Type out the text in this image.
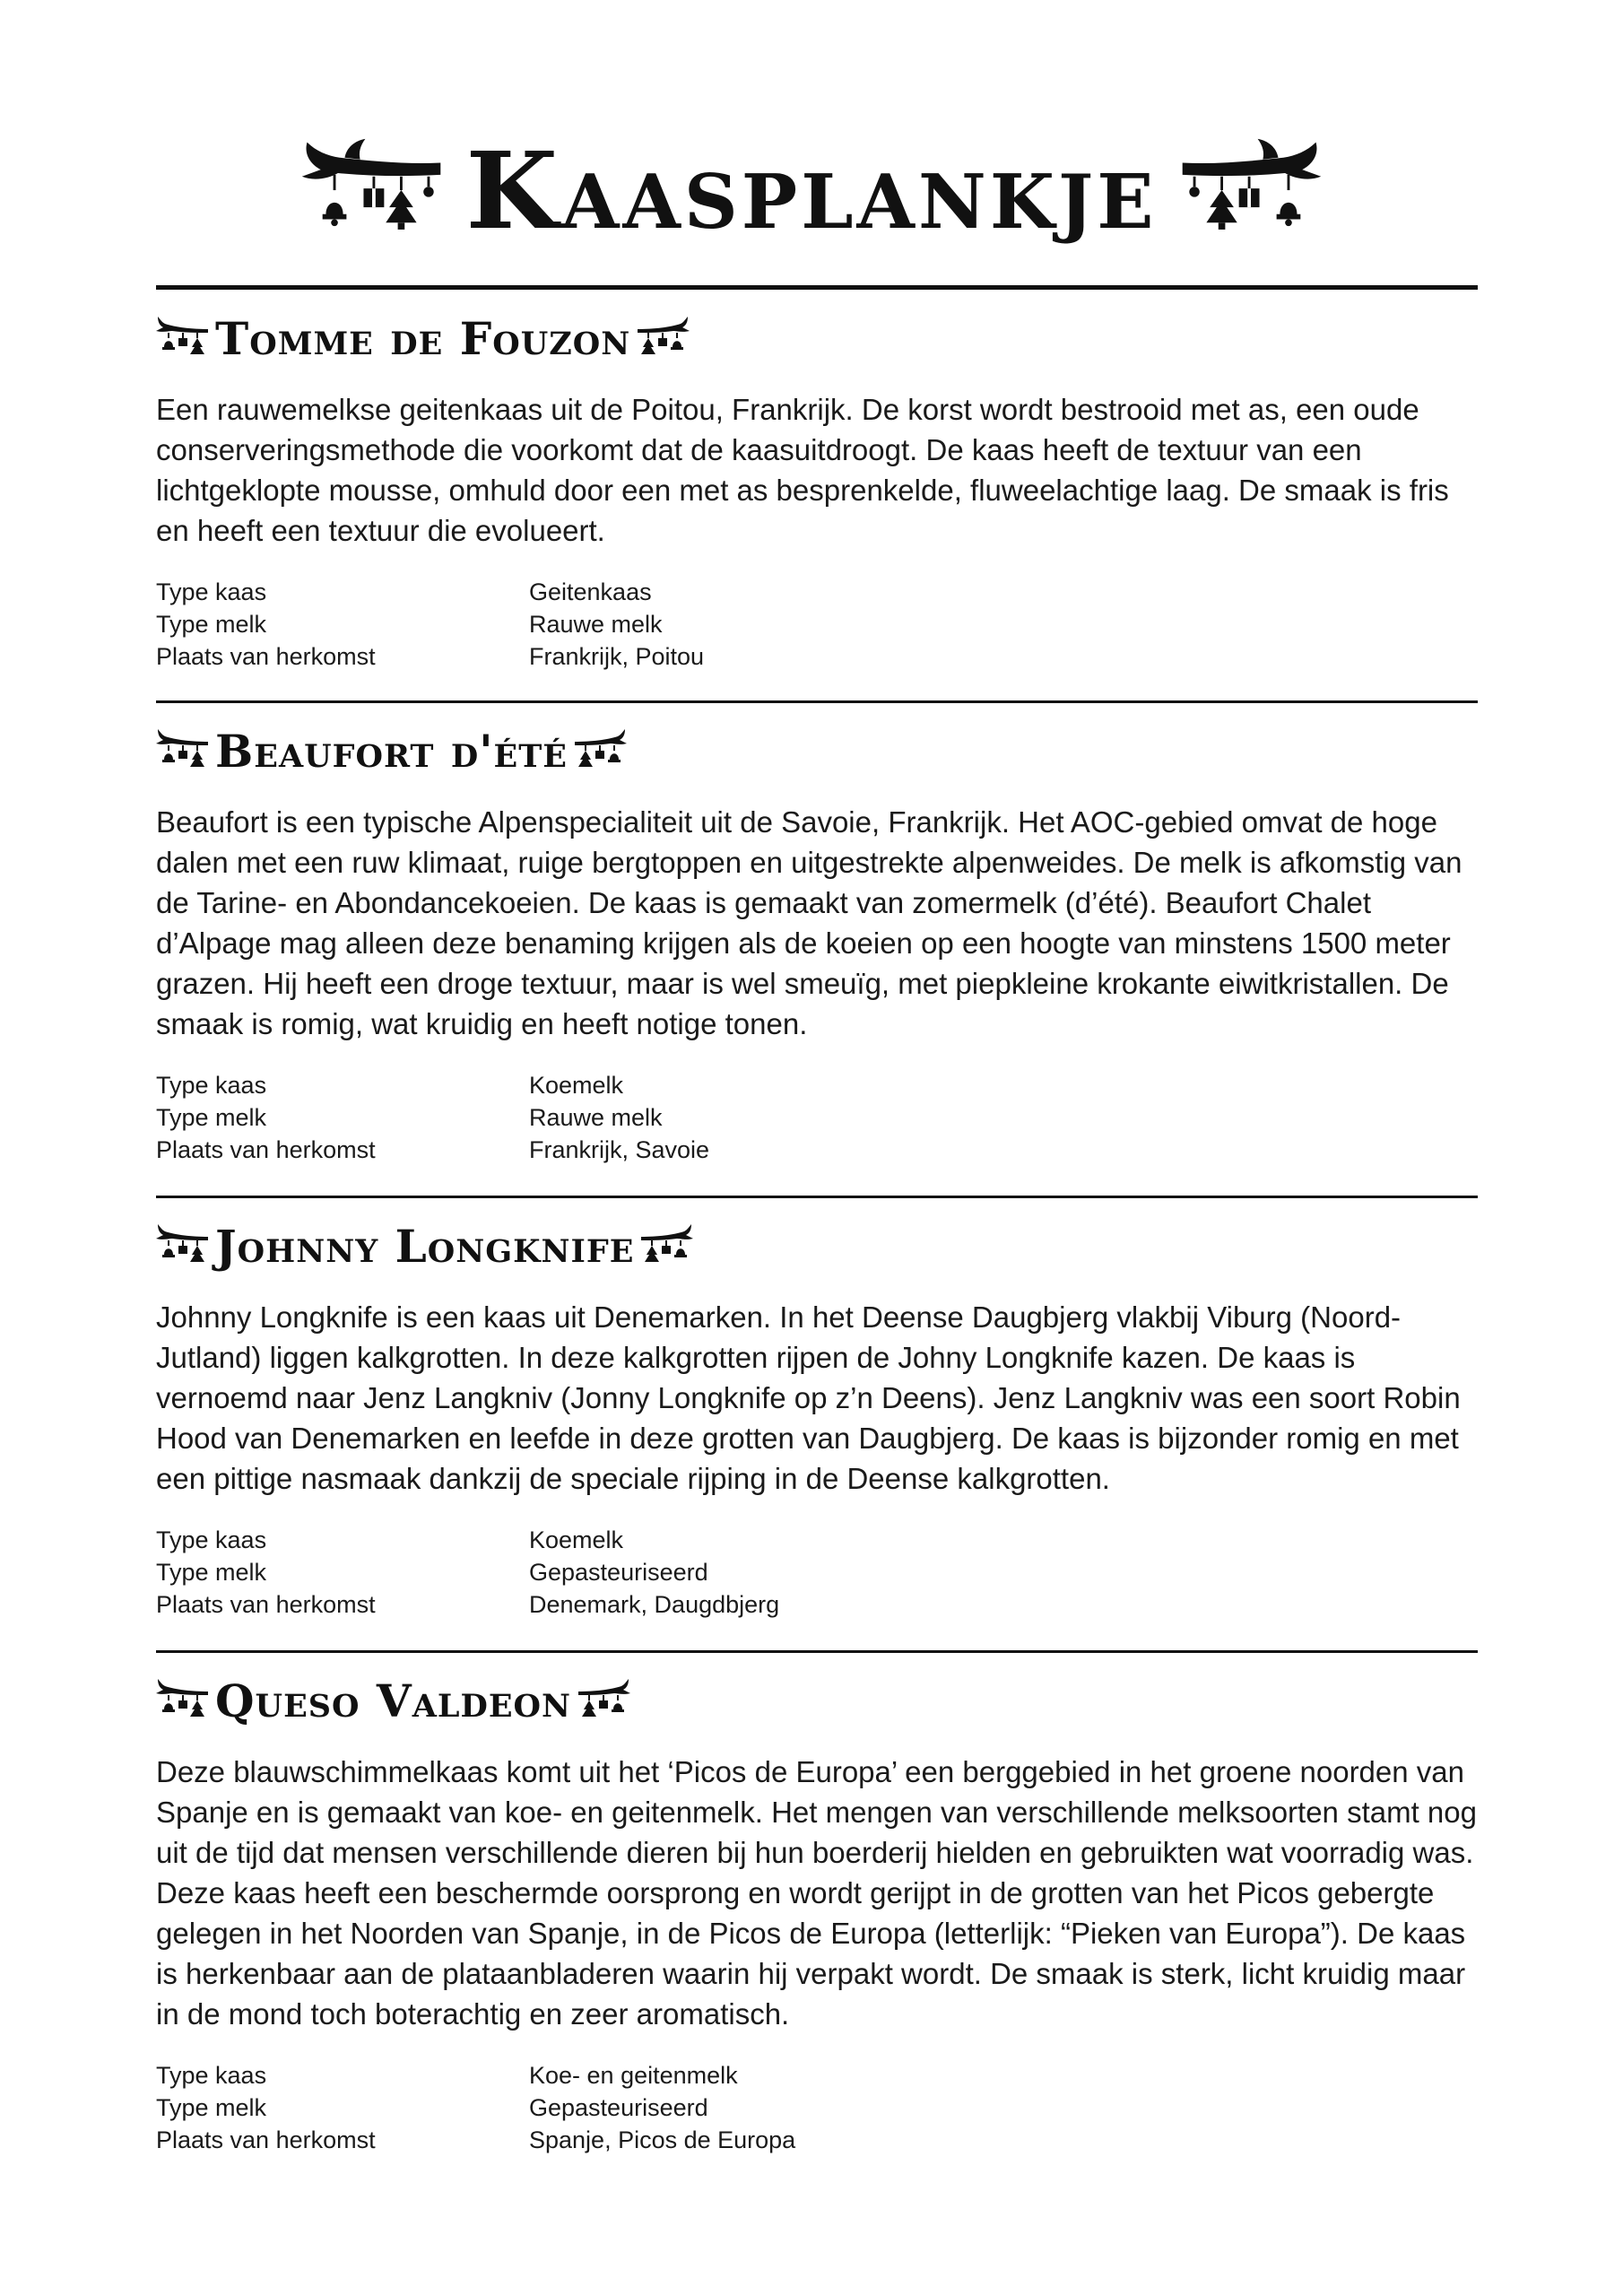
Kaasplankje
Tomme de Fouzon

Een rauwemelkse geitenkaas uit de Poitou, Frankrijk. De korst wordt bestrooid met as, een oude conserveringsmethode die voorkomt dat de kaasuitdroogt. De kaas heeft de textuur van een lichtgeklopte mousse, omhuld door een met as besprenkelde, fluweelachtige laag. De smaak is fris en heeft een textuur die evolueert.

Type kaas	Geitenkaas
Type melk	Rauwe melk
Plaats van herkomst	Frankrijk, Poitou
Beaufort d'été

Beaufort is een typische Alpenspecialiteit uit de Savoie, Frankrijk. Het AOC-gebied omvat de hoge dalen met een ruw klimaat, ruige bergtoppen en uitgestrekte alpenweides. De melk is afkomstig van de Tarine- en Abondancekoeien. De kaas is gemaakt van zomermelk (d’été). Beaufort Chalet d’Alpage mag alleen deze benaming krijgen als de koeien op een hoogte van minstens 1500 meter grazen. Hij heeft een droge textuur, maar is wel smeuïg, met piepkleine krokante eiwitkristallen. De smaak is romig, wat kruidig en heeft notige tonen.

Type kaas	Koemelk
Type melk	Rauwe melk
Plaats van herkomst	Frankrijk, Savoie
Johnny Longknife

Johnny Longknife is een kaas uit Denemarken. In het Deense Daugbjerg vlakbij Viburg (Noord-Jutland) liggen kalkgrotten. In deze kalkgrotten rijpen de Johny Longknife kazen. De kaas is vernoemd naar Jenz Langkniv (Jonny Longknife op z’n Deens). Jenz Langkniv was een soort Robin Hood van Denemarken en leefde in deze grotten van Daugbjerg. De kaas is bijzonder romig en met een pittige nasmaak dankzij de speciale rijping in de Deense kalkgrotten.

Type kaas	Koemelk
Type melk	Gepasteuriseerd
Plaats van herkomst	Denemark, Daugdbjerg
Queso Valdeon

Deze blauwschimmelkaas komt uit het ‘Picos de Europa’ een berggebied in het groene noorden van Spanje en is gemaakt van koe- en geitenmelk. Het mengen van verschillende melksoorten stamt nog uit de tijd dat mensen verschillende dieren bij hun boerderij hielden en gebruikten wat voorradig was. Deze kaas heeft een beschermde oorsprong en wordt gerijpt in de grotten van het Picos gebergte gelegen in het Noorden van Spanje, in de Picos de Europa (letterlijk: “Pieken van Europa”). De kaas is herkenbaar aan de plataanbladeren waarin hij verpakt wordt. De smaak is sterk, licht kruidig maar in de mond toch boterachtig en zeer aromatisch.

Type kaas	Koe- en geitenmelk
Type melk	Gepasteuriseerd
Plaats van herkomst	Spanje, Picos de Europa
